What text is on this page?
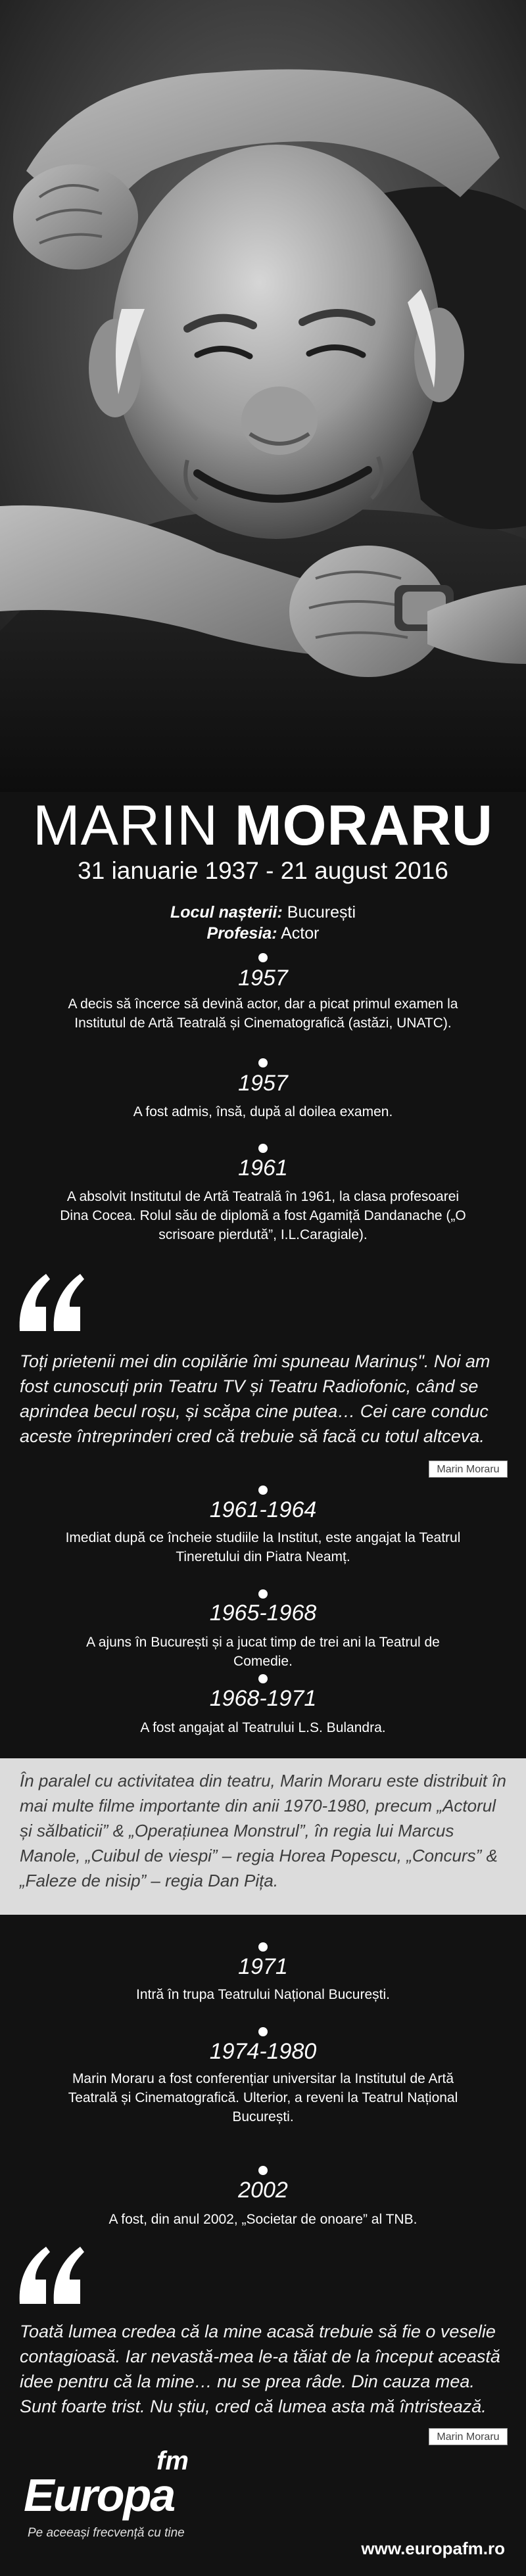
MARIN MORARU
31 ianuarie 1937 - 21 august 2016
Locul nașterii: București
Profesia: Actor
1957
A decis să încerce să devină actor, dar a picat primul examen la Institutul de Artă Teatrală și Cinematografică (astăzi, UNATC).
1957
A fost admis, însă, după al doilea examen.
1961
A absolvit Institutul de Artă Teatrală în 1961, la clasa profesoarei Dina Cocea. Rolul său de diplomă a fost Agamiță Dandanache („O scrisoare pierdută”, I.L.Caragiale).
Toți prietenii mei din copilărie îmi spuneau Marinuș". Noi am fost cunoscuți prin Teatru TV și Teatru Radiofonic, când se aprindea becul roșu, și scăpa cine putea… Cei care conduc aceste întreprinderi cred că trebuie să facă cu totul altceva.
Marin Moraru
1961-1964
Imediat după ce încheie studiile la Institut, este angajat la Teatrul Tineretului din Piatra Neamț.
1965-1968
A ajuns în București și a jucat timp de trei ani la Teatrul de Comedie.
1968-1971
A fost angajat al Teatrului L.S. Bulandra.
În paralel cu activitatea din teatru, Marin Moraru este distribuit în mai multe filme importante din anii 1970-1980, precum „Actorul și sălbaticii” & „Operațiunea Monstrul”, în regia lui Marcus Manole, „Cuibul de viespi” – regia Horea Popescu, „Concurs” & „Faleze de nisip” – regia Dan Pița.
1971
Intră în trupa Teatrului Național București.
1974-1980
Marin Moraru a fost conferențiar universitar la Institutul de Artă Teatrală și Cinematografică. Ulterior, a reveni la Teatrul Național București.
2002
A fost, din anul 2002, „Societar de onoare” al TNB.
Toată lumea credea că la mine acasă trebuie să fie o veselie contagioasă. Iar nevastă-mea le-a tăiat de la început această idee pentru că la mine… nu se prea râde. Din cauza mea. Sunt foarte trist. Nu știu, cred că lumea asta mă întristează.
Marin Moraru
fm
Europa
Pe aceeași frecvență cu tine
www.europafm.ro
